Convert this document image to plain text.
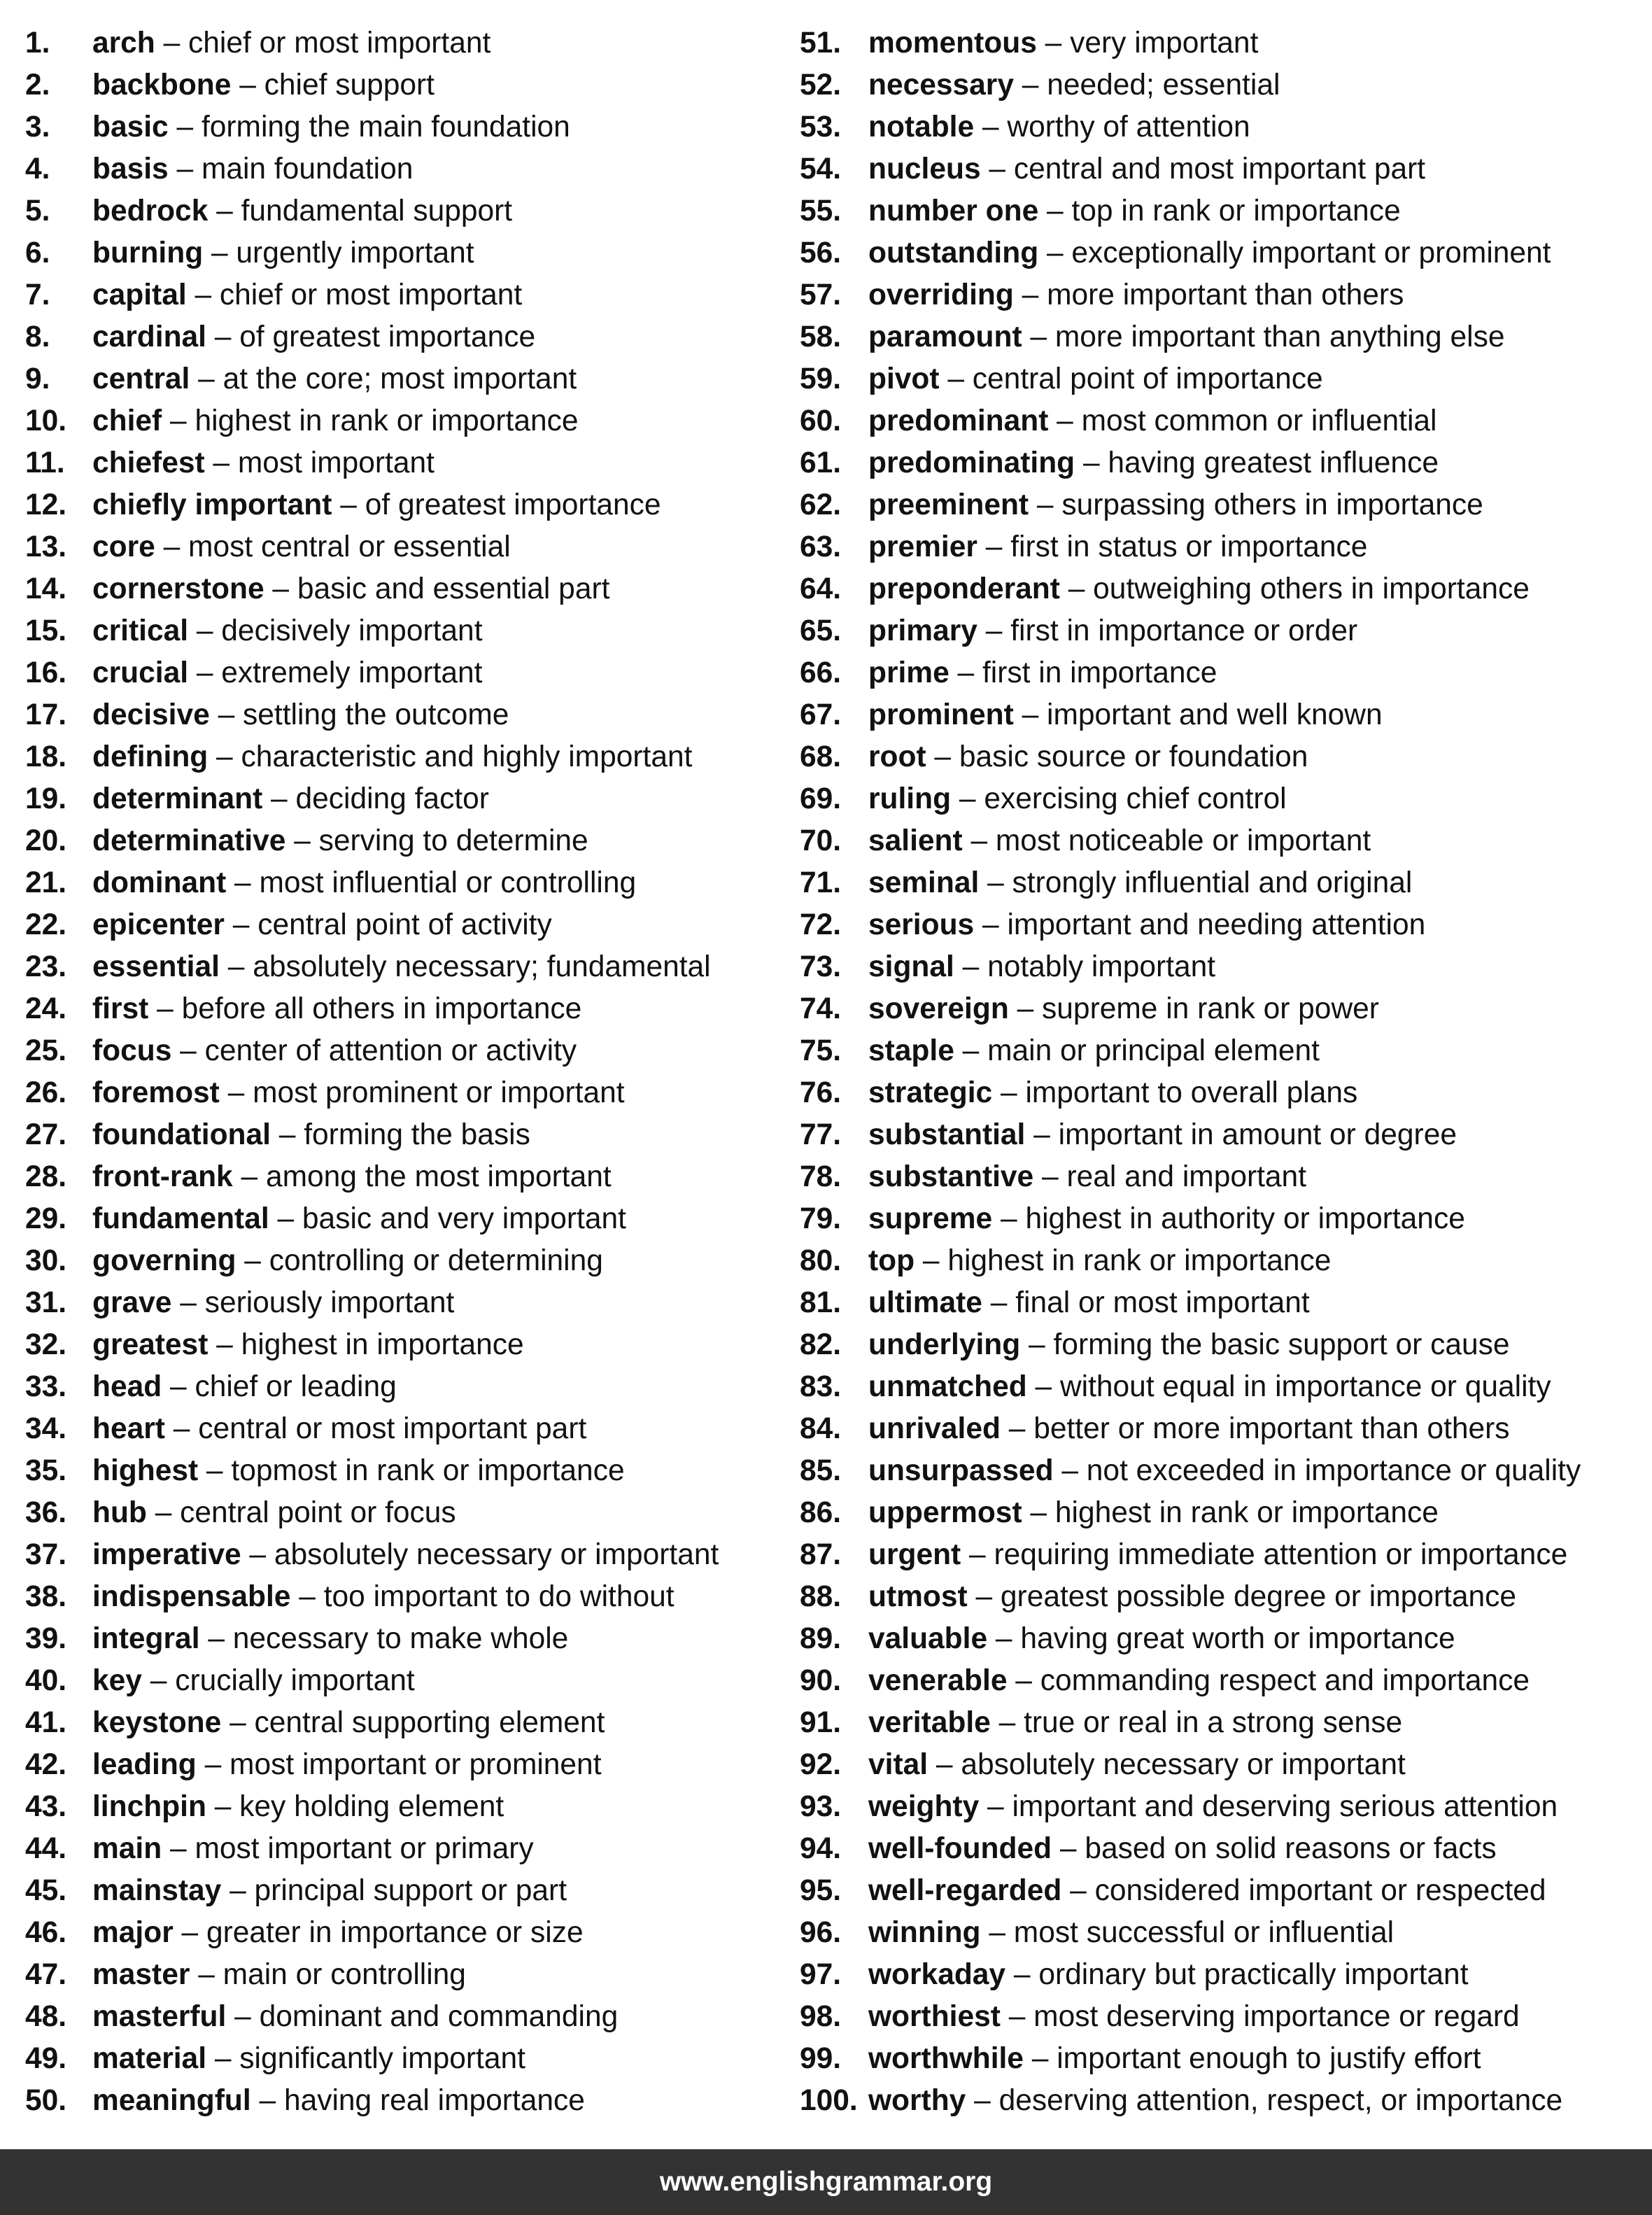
1. arch – chief or most important
2. backbone – chief support
3. basic – forming the main foundation
4. basis – main foundation
5. bedrock – fundamental support
6. burning – urgently important
7. capital – chief or most important
8. cardinal – of greatest importance
9. central – at the core; most important
10. chief – highest in rank or importance
11. chiefest – most important
12. chiefly important – of greatest importance
13. core – most central or essential
14. cornerstone – basic and essential part
15. critical – decisively important
16. crucial – extremely important
17. decisive – settling the outcome
18. defining – characteristic and highly important
19. determinant – deciding factor
20. determinative – serving to determine
21. dominant – most influential or controlling
22. epicenter – central point of activity
23. essential – absolutely necessary; fundamental
24. first – before all others in importance
25. focus – center of attention or activity
26. foremost – most prominent or important
27. foundational – forming the basis
28. front-rank – among the most important
29. fundamental – basic and very important
30. governing – controlling or determining
31. grave – seriously important
32. greatest – highest in importance
33. head – chief or leading
34. heart – central or most important part
35. highest – topmost in rank or importance
36. hub – central point or focus
37. imperative – absolutely necessary or important
38. indispensable – too important to do without
39. integral – necessary to make whole
40. key – crucially important
41. keystone – central supporting element
42. leading – most important or prominent
43. linchpin – key holding element
44. main – most important or primary
45. mainstay – principal support or part
46. major – greater in importance or size
47. master – main or controlling
48. masterful – dominant and commanding
49. material – significantly important
50. meaningful – having real importance
51. momentous – very important
52. necessary – needed; essential
53. notable – worthy of attention
54. nucleus – central and most important part
55. number one – top in rank or importance
56. outstanding – exceptionally important or prominent
57. overriding – more important than others
58. paramount – more important than anything else
59. pivot – central point of importance
60. predominant – most common or influential
61. predominating – having greatest influence
62. preeminent – surpassing others in importance
63. premier – first in status or importance
64. preponderant – outweighing others in importance
65. primary – first in importance or order
66. prime – first in importance
67. prominent – important and well known
68. root – basic source or foundation
69. ruling – exercising chief control
70. salient – most noticeable or important
71. seminal – strongly influential and original
72. serious – important and needing attention
73. signal – notably important
74. sovereign – supreme in rank or power
75. staple – main or principal element
76. strategic – important to overall plans
77. substantial – important in amount or degree
78. substantive – real and important
79. supreme – highest in authority or importance
80. top – highest in rank or importance
81. ultimate – final or most important
82. underlying – forming the basic support or cause
83. unmatched – without equal in importance or quality
84. unrivaled – better or more important than others
85. unsurpassed – not exceeded in importance or quality
86. uppermost – highest in rank or importance
87. urgent – requiring immediate attention or importance
88. utmost – greatest possible degree or importance
89. valuable – having great worth or importance
90. venerable – commanding respect and importance
91. veritable – true or real in a strong sense
92. vital – absolutely necessary or important
93. weighty – important and deserving serious attention
94. well-founded – based on solid reasons or facts
95. well-regarded – considered important or respected
96. winning – most successful or influential
97. workaday – ordinary but practically important
98. worthiest – most deserving importance or regard
99. worthwhile – important enough to justify effort
100. worthy – deserving attention, respect, or importance
www.englishgrammar.org
